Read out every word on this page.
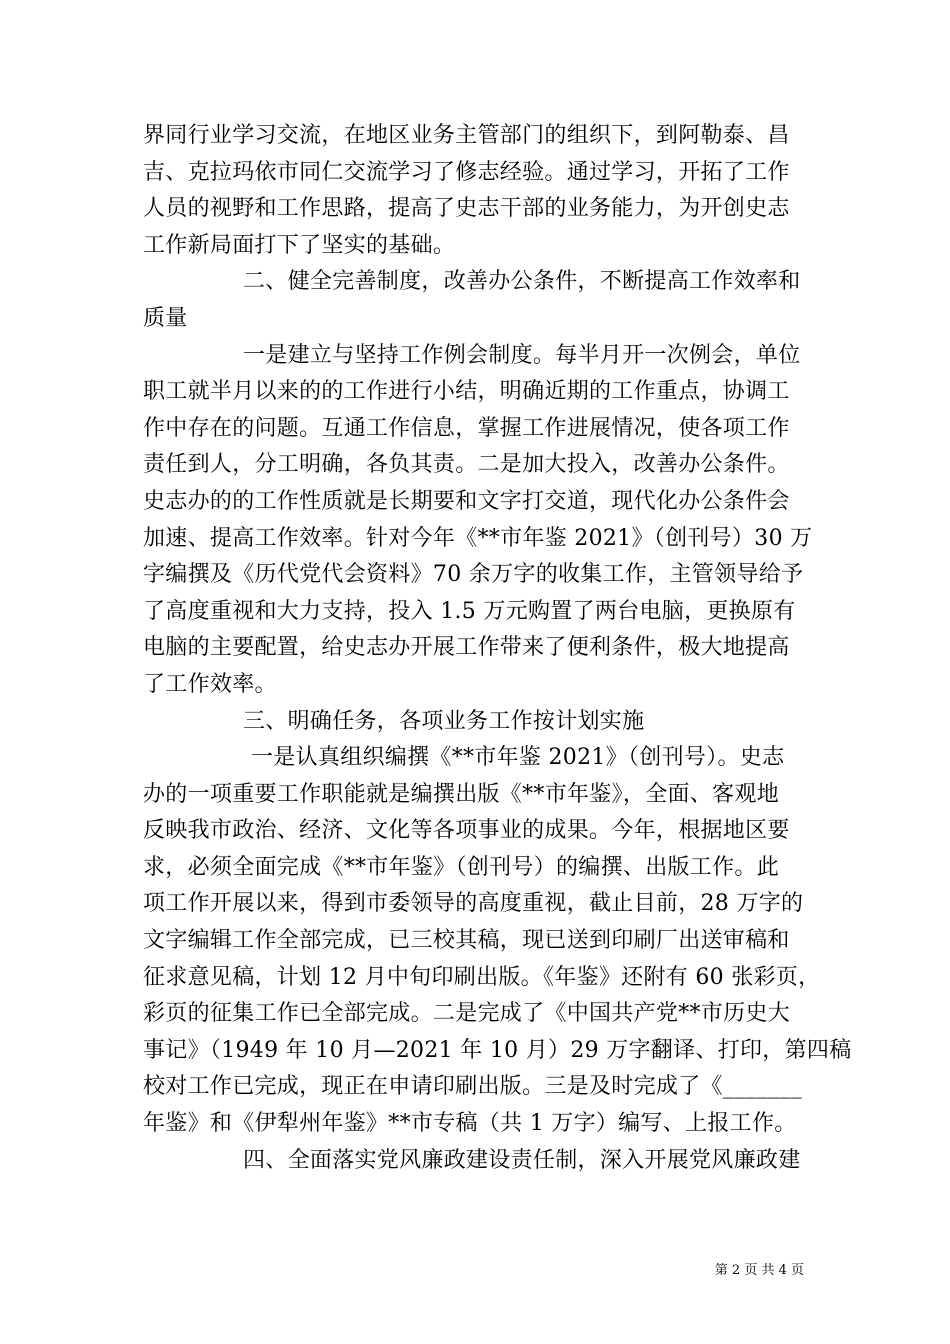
界同行业学习交流，在地区业务主管部门的组织下，到阿勒泰、昌
吉、克拉玛依市同仁交流学习了修志经验。通过学习，开拓了工作
人员的视野和工作思路，提高了史志干部的业务能力，为开创史志
工作新局面打下了坚实的基础。
二、健全完善制度，改善办公条件，不断提高工作效率和
质量
一是建立与坚持工作例会制度。每半月开一次例会，单位
职工就半月以来的的工作进行小结，明确近期的工作重点，协调工
作中存在的问题。互通工作信息，掌握工作进展情况，使各项工作
责任到人，分工明确，各负其责。二是加大投入，改善办公条件。
史志办的的工作性质就是长期要和文字打交道，现代化办公条件会
加速、提高工作效率。针对今年《**市年鉴 2021》（创刊号）30 万
字编撰及《历代党代会资料》70 余万字的收集工作，主管领导给予
了高度重视和大力支持，投入 1.5 万元购置了两台电脑，更换原有
电脑的主要配置，给史志办开展工作带来了便利条件，极大地提高
了工作效率。
三、明确任务，各项业务工作按计划实施
一是认真组织编撰《**市年鉴 2021》（创刊号）。史志
办的一项重要工作职能就是编撰出版《**市年鉴》，全面、客观地
反映我市政治、经济、文化等各项事业的成果。今年，根据地区要
求，必须全面完成《**市年鉴》（创刊号）的编撰、出版工作。此
项工作开展以来，得到市委领导的高度重视，截止目前，28 万字的
文字编辑工作全部完成，已三校其稿，现已送到印刷厂出送审稿和
征求意见稿，计划 12 月中旬印刷出版。《年鉴》还附有 60 张彩页，
彩页的征集工作已全部完成。二是完成了《中国共产党**市历史大
事记》（1949 年 10 月—2021 年 10 月）29 万字翻译、打印，第四稿
校对工作已完成，现正在申请印刷出版。三是及时完成了《_______
年鉴》和《伊犁州年鉴》**市专稿（共 1 万字）编写、上报工作。
四、全面落实党风廉政建设责任制，深入开展党风廉政建
第 2 页 共 4 页
